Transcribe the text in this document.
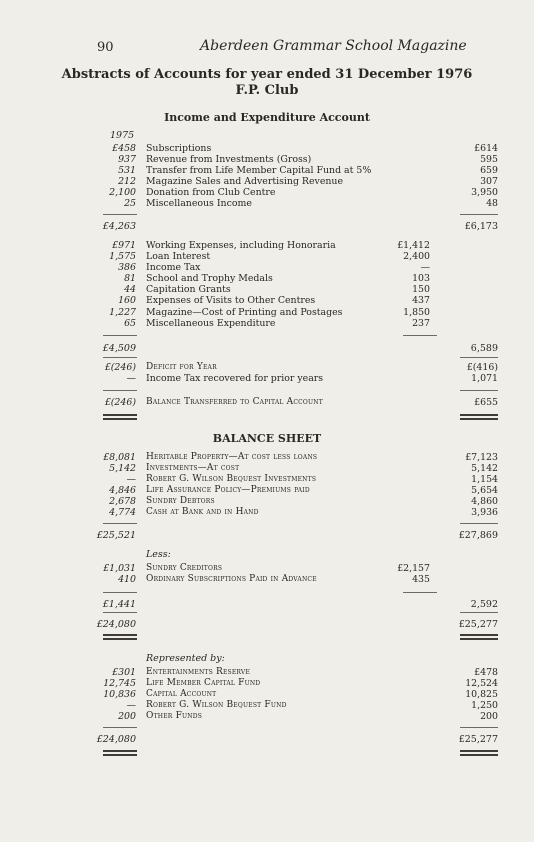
90	Aberdeen Grammar School Magazine
Abstracts of Accounts for year ended 31 December 1976
F.P. Club
Income and Expenditure Account
1975
£458 Subscriptions	£614
937 Revenue from Investments (Gross)	595
531 Transfer from Life Member Capital Fund at 5%	659
212 Magazine Sales and Advertising Revenue	307
2,100 Donation from Club Centre	3,950
25 Miscellaneous Income	48
£4,263	£6,173
£971 Working Expenses, including Honoraria	£1,412
1,575 Loan Interest	2,400
386 Income Tax	—
81 School and Trophy Medals	103
44 Capitation Grants	150
160 Expenses of Visits to Other Centres	437
1,227 Magazine—Cost of Printing and Postages	1,850
65 Miscellaneous Expenditure	237
£4,509	6,589
£(246) Deficit for Year	£(416)
— Income Tax recovered for prior years	1,071
£(246) Balance Transferred to Capital Account	£655
BALANCE SHEET
£8,081 Heritable Property—At cost less loans	£7,123
5,142 Investments—At cost	5,142
— Robert G. Wilson Bequest Investments	1,154
4,846 Life Assurance Policy—Premiums paid	5,654
2,678 Sundry Debtors	4,860
4,774 Cash at Bank and in Hand	3,936
£25,521	£27,869
Less:
£1,031 Sundry Creditors	£2,157
410 Ordinary Subscriptions Paid in Advance	435
£1,441	2,592
£24,080	£25,277
Represented by:
£301 Entertainments Reserve	£478
12,745 Life Member Capital Fund	12,524
10,836 Capital Account	10,825
— Robert G. Wilson Bequest Fund	1,250
200 Other Funds	200
£24,080	£25,277
